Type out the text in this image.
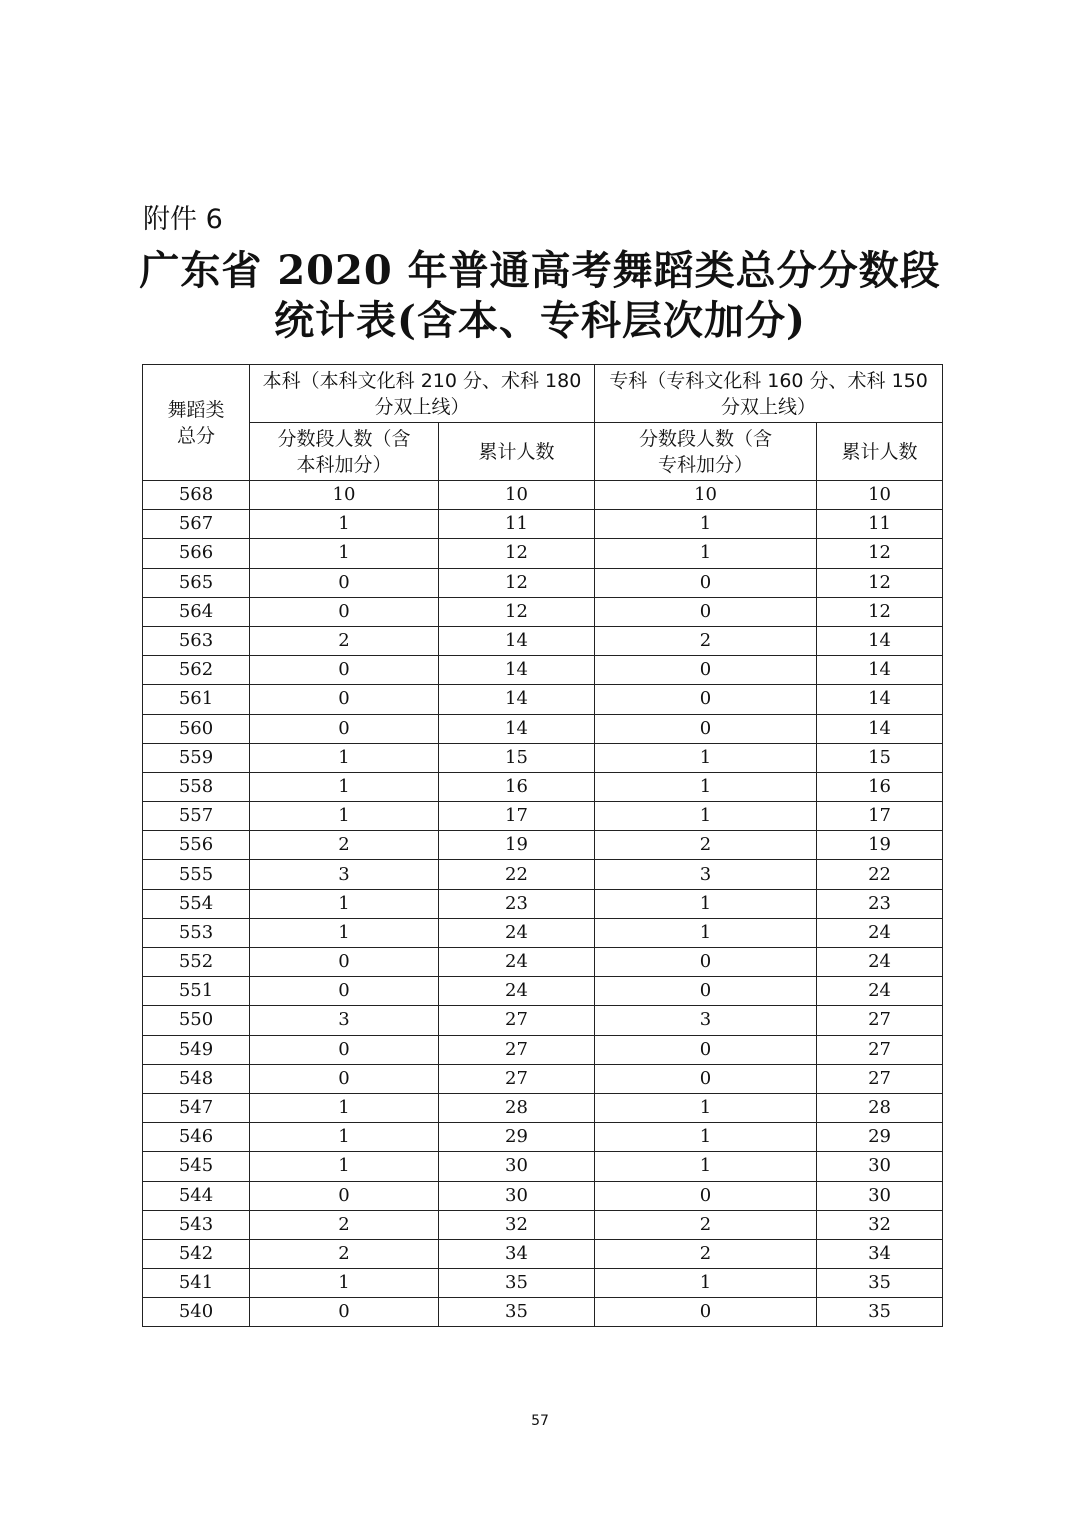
附件 6
广东省 2020 年普通高考舞蹈类总分分数段
统计表(含本、专科层次加分)
舞蹈类总分	本科（本科文化科 210 分、术科 180 分双上线）		专科（专科文化科 160 分、术科 150 分双上线）	
	分数段人数（含本科加分）	累计人数	分数段人数（含专科加分）	累计人数
568	10	10	10	10
567	1	11	1	11
566	1	12	1	12
565	0	12	0	12
564	0	12	0	12
563	2	14	2	14
562	0	14	0	14
561	0	14	0	14
560	0	14	0	14
559	1	15	1	15
558	1	16	1	16
557	1	17	1	17
556	2	19	2	19
555	3	22	3	22
554	1	23	1	23
553	1	24	1	24
552	0	24	0	24
551	0	24	0	24
550	3	27	3	27
549	0	27	0	27
548	0	27	0	27
547	1	28	1	28
546	1	29	1	29
545	1	30	1	30
544	0	30	0	30
543	2	32	2	32
542	2	34	2	34
541	1	35	1	35
540	0	35	0	35
57
